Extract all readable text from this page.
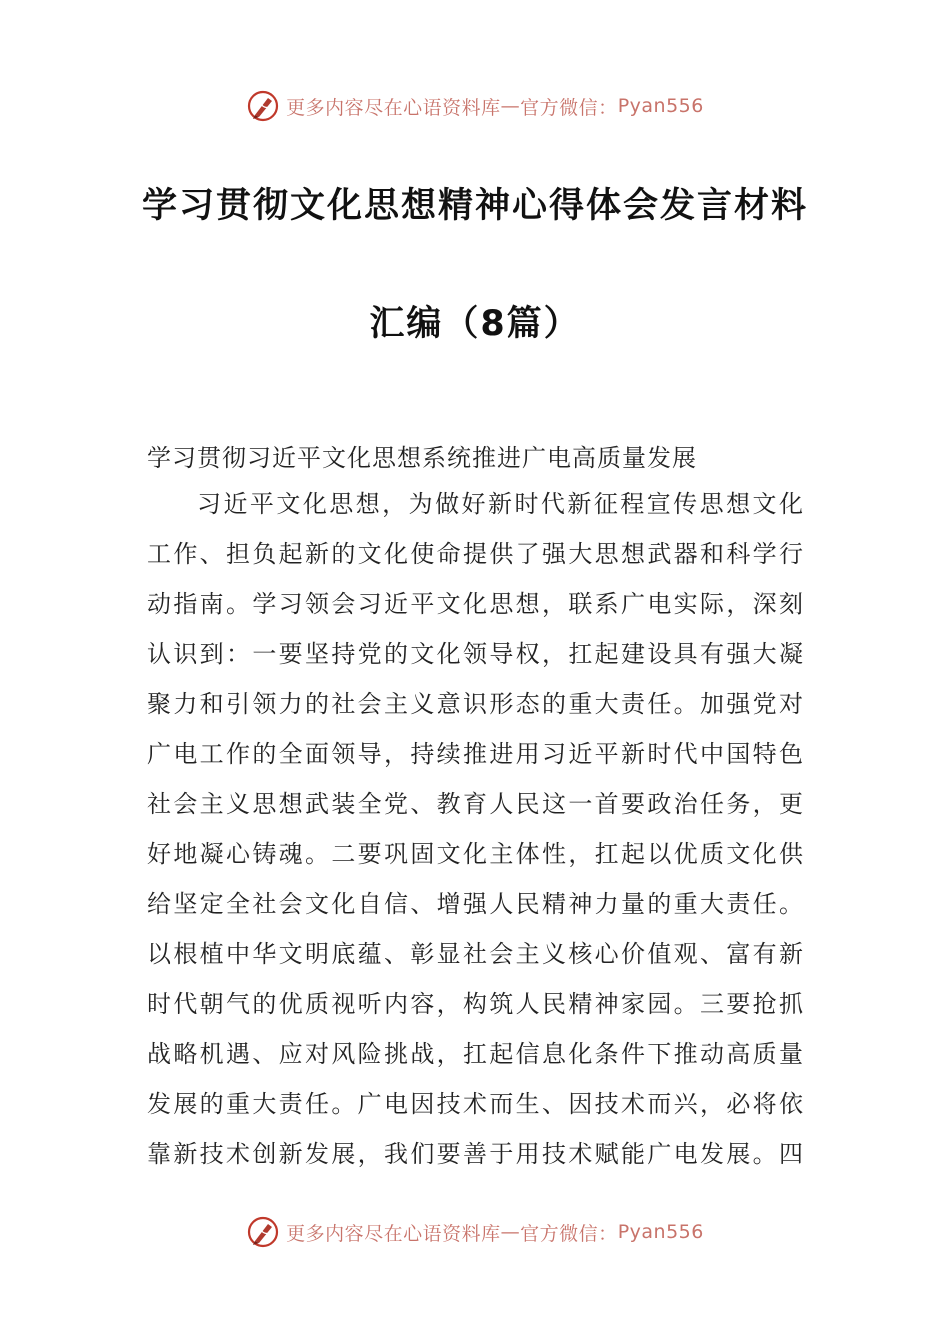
更多内容尽在心语资料库 — 官方微信： Pyan556
学习贯彻文化思想精神心得体会发言材料
汇编（8篇）
学习贯彻习近平文化思想系统推进广电高质量发展
习近平文化思想，为做好新时代新征程宣传思想文化
工作、担负起新的文化使命提供了强大思想武器和科学行
动指南。学习领会习近平文化思想，联系广电实际，深刻
认识到：一要坚持党的文化领导权，扛起建设具有强大凝
聚力和引领力的社会主义意识形态的重大责任。加强党对
广电工作的全面领导，持续推进用习近平新时代中国特色
社会主义思想武装全党、教育人民这一首要政治任务，更
好地凝心铸魂。二要巩固文化主体性，扛起以优质文化供
给坚定全社会文化自信、增强人民精神力量的重大责任。
以根植中华文明底蕴、彰显社会主义核心价值观、富有新
时代朝气的优质视听内容，构筑人民精神家园。三要抢抓
战略机遇、应对风险挑战，扛起信息化条件下推动高质量
发展的重大责任。广电因技术而生、因技术而兴，必将依
靠新技术创新发展，我们要善于用技术赋能广电发展。四
更多内容尽在心语资料库 — 官方微信： Pyan556
